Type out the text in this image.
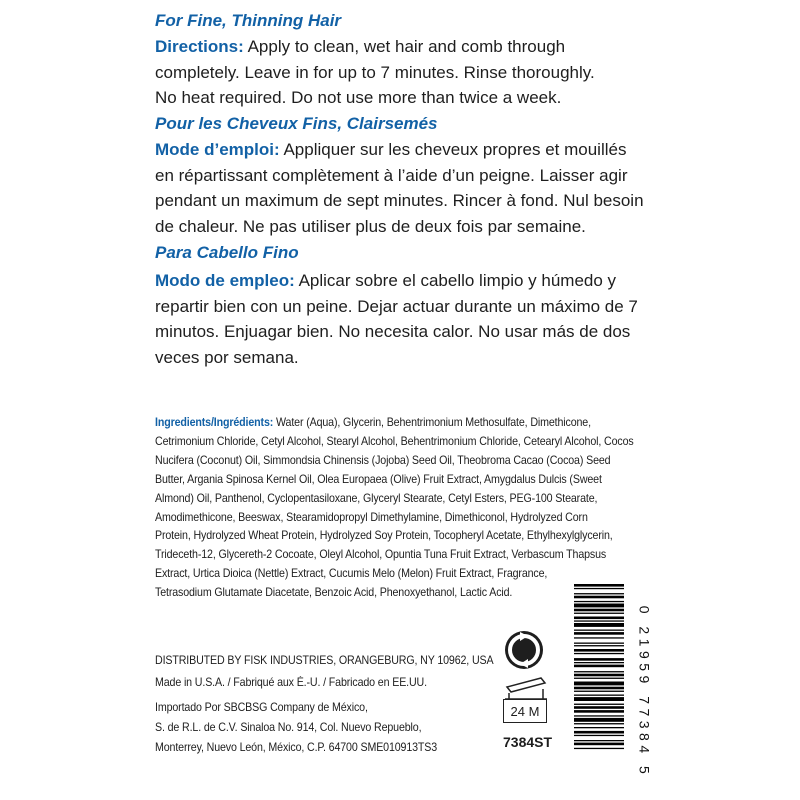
For Fine, Thinning Hair
Directions: Apply to clean, wet hair and comb through
completely. Leave in for up to 7 minutes. Rinse thoroughly.
No heat required. Do not use more than twice a week.
Pour les Cheveux Fins, Clairsemés
Mode d’emploi: Appliquer sur les cheveux propres et mouillés
en répartissant complètement à l’aide d’un peigne. Laisser agir
pendant un maximum de sept minutes. Rincer à fond. Nul besoin
de chaleur. Ne pas utiliser plus de deux fois par semaine.
Para Cabello Fino
Modo de empleo: Aplicar sobre el cabello limpio y húmedo y
repartir bien con un peine. Dejar actuar durante un máximo de 7
minutos. Enjuagar bien. No necesita calor. No usar más de dos
veces por semana.
Ingredients/Ingrédients: Water (Aqua), Glycerin, Behentrimonium Methosulfate, Dimethicone,
Cetrimonium Chloride, Cetyl Alcohol, Stearyl Alcohol, Behentrimonium Chloride, Cetearyl Alcohol, Cocos
Nucifera (Coconut) Oil, Simmondsia Chinensis (Jojoba) Seed Oil, Theobroma Cacao (Cocoa) Seed
Butter, Argania Spinosa Kernel Oil, Olea Europaea (Olive) Fruit Extract, Amygdalus Dulcis (Sweet
Almond) Oil, Panthenol, Cyclopentasiloxane, Glyceryl Stearate, Cetyl Esters, PEG-100 Stearate,
Amodimethicone, Beeswax, Stearamidopropyl Dimethylamine, Dimethiconol, Hydrolyzed Corn
Protein, Hydrolyzed Wheat Protein, Hydrolyzed Soy Protein, Tocopheryl Acetate, Ethylhexylglycerin,
Trideceth-12, Glycereth-2 Cocoate, Oleyl Alcohol, Opuntia Tuna Fruit Extract, Verbascum Thapsus
Extract, Urtica Dioica (Nettle) Extract, Cucumis Melo (Melon) Fruit Extract, Fragrance,
Tetrasodium Glutamate Diacetate, Benzoic Acid, Phenoxyethanol, Lactic Acid.
DISTRIBUTED BY FISK INDUSTRIES, ORANGEBURG, NY 10962, USA
Made in U.S.A. / Fabriqué aux É.-U. / Fabricado en EE.UU.
Importado Por SBCBSG Company de México,
S. de R.L. de C.V. Sinaloa No. 914, Col. Nuevo Repueblo,
Monterrey, Nuevo León, México, C.P. 64700 SME010913TS3
24 M
7384ST	0 21959 77384 5
